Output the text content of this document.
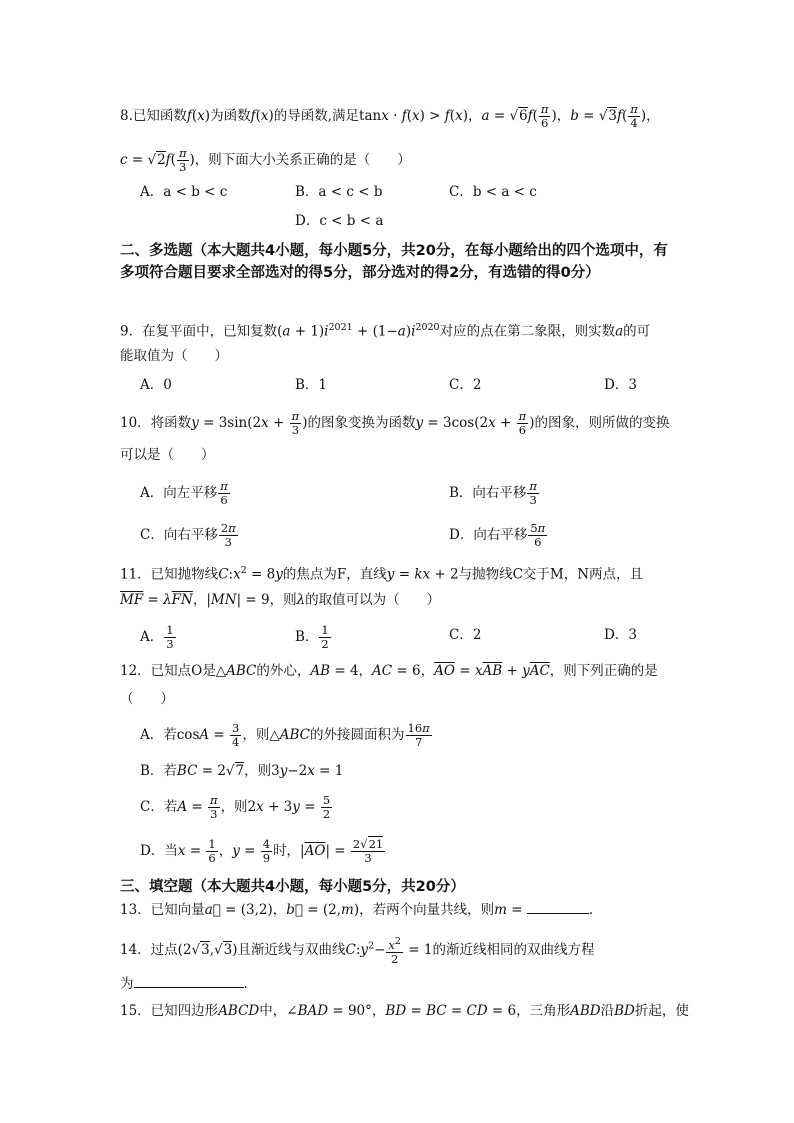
8.已知函数f(x)为函数f(x)的导函数,满足tanx · f(x) > f(x)，$a = √6f( \frac{\pi}{6}$ )，$b = √3f( \frac{\pi}{4}$ )，
$c = √2f( \frac{\pi}{3}$ )，则下面大小关系正确的是（　　）
A．a < b < c	B．a < c < b	C．b < a < c
D．c < b < a
二、多选题（本大题共4小题，每小题5分，共20分，在每小题给出的四个选项中，有多项符合题目要求全部选对的得5分，部分选对的得2分，有选错的得0分）
9．在复平面中，已知复数$(a + 1)i^{2021} + (1-a)i^{2020}$对应的点在第二象限，则实数a的可
能取值为（　　）
A．0	B．1	C．2	D．3
10．将函数$y = 3\sin(2x + \frac{\pi}{3}$ )的图象变换为函数$y = 3\cos(2x + \frac{\pi}{6}$ )的图象，则所做的变换
可以是（　　）
A．向左平移 $\frac{\pi}{6}$	B．向右平移 $\frac{\pi}{3}$
C．向右平移 $\frac{2\pi}{3}$	D．向右平移 $\frac{5\pi}{6}$
11．已知抛物线$C:x^2 = 8y$的焦点为F，直线y = kx + 2与抛物线C交于M，N两点，且
$\overline{MF} = \lambda\overline{FN}$，|MN| = 9，则λ的取值可以为（　　）
A． $\frac{1}{3}$	B． $\frac{1}{2}$	C．2	D．3
12．已知点O是△ABC的外心，AB = 4，AC = 6，$\overline{AO} = x\overline{AB} + y\overline{AC}$，则下列正确的是
（　　）
A．若$\cos A = \frac{3}{4}$ ，则△ABC的外接圆面积为 $\frac{16\pi}{7}$
B．若BC = 2√7，则3y−2x = 1
C．若$A = \frac{\pi}{3}$ ，则$2x + 3y = \frac{5}{2}$
D．当$x = \frac{1}{6}$ ，$y = \frac{4}{9}$ 时，$|\overline{AO}| = \frac{2√21}{3}$
三、填空题（本大题共4小题，每小题5分，共20分）
13．已知向量a⃗ = (3,2)，b⃗ = (2,m)，若两个向量共线，则m =	.
14．过点(2√3,√3)且渐近线与双曲线$C:y^2- \frac{x^2}{2} = 1$的渐近线相同的双曲线方程
为	.
15．已知四边形ABCD中，∠BAD = 90°，BD = BC = CD = 6，三角形ABD沿BD折起，使
